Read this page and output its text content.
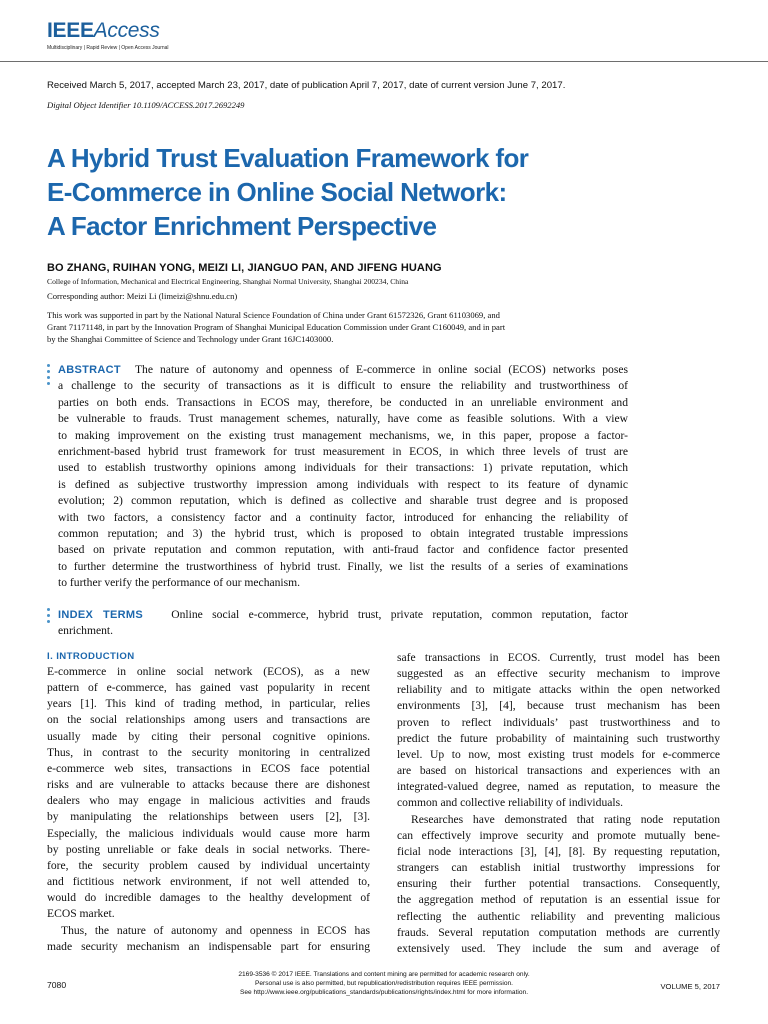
IEEEAccess
Multidisciplinary | Rapid Review | Open Access Journal
Received March 5, 2017, accepted March 23, 2017, date of publication April 7, 2017, date of current version June 7, 2017.
Digital Object Identifier 10.1109/ACCESS.2017.2692249
A Hybrid Trust Evaluation Framework for
E-Commerce in Online Social Network:
A Factor Enrichment Perspective
BO ZHANG, RUIHAN YONG, MEIZI LI, JIANGUO PAN, AND JIFENG HUANG
College of Information, Mechanical and Electrical Engineering, Shanghai Normal University, Shanghai 200234, China
Corresponding author: Meizi Li (limeizi@shnu.edu.cn)
This work was supported in part by the National Natural Science Foundation of China under Grant 61572326, Grant 61103069, and
Grant 71171148, in part by the Innovation Program of Shanghai Municipal Education Commission under Grant C160049, and in part
by the Shanghai Committee of Science and Technology under Grant 16JC1403000.
ABSTRACT The nature of autonomy and openness of E-commerce in online social (ECOS) networks poses
a challenge to the security of transactions as it is difficult to ensure the reliability and trustworthiness of
parties on both ends. Transactions in ECOS may, therefore, be conducted in an unreliable environment and
be vulnerable to frauds. Trust management schemes, naturally, have come as feasible solutions. With a view
to making improvement on the existing trust management mechanisms, we, in this paper, propose a factor-
enrichment-based hybrid trust framework for trust measurement in ECOS, in which three levels of trust are
used to establish trustworthy opinions among individuals for their transactions: 1) private reputation, which
is defined as subjective trustworthy impression among individuals with respect to its feature of dynamic
evolution; 2) common reputation, which is defined as collective and sharable trust degree and is proposed
with two factors, a consistency factor and a continuity factor, introduced for enhancing the reliability of
common reputation; and 3) the hybrid trust, which is proposed to obtain integrated trustable impressions
based on private reputation and common reputation, with anti-fraud factor and confidence factor presented
to further determine the trustworthiness of hybrid trust. Finally, we list the results of a series of examinations
to further verify the performance of our mechanism.
INDEX TERMS Online social e-commerce, hybrid trust, private reputation, common reputation, factor
enrichment.
I. INTRODUCTION
E-commerce in online social network (ECOS), as a new
pattern of e-commerce, has gained vast popularity in recent
years [1]. This kind of trading method, in particular, relies
on the social relationships among users and transactions are
usually made by citing their personal cognitive opinions.
Thus, in contrast to the security monitoring in centralized
e-commerce web sites, transactions in ECOS face potential
risks and are vulnerable to attacks because there are dishonest
dealers who may engage in malicious activities and frauds
by manipulating the relationships between users [2], [3].
Especially, the malicious individuals would cause more harm
by posting unreliable or fake deals in social networks. There-
fore, the security problem caused by individual uncertainty
and fictitious network environment, if not well attended to,
would do incredible damages to the healthy development of
ECOS market.
Thus, the nature of autonomy and openness in ECOS has
made security mechanism an indispensable part for ensuring
safe transactions in ECOS. Currently, trust model has been
suggested as an effective security mechanism to improve
reliability and to mitigate attacks within the open networked
environments [3], [4], because trust mechanism has been
proven to reflect individuals’ past trustworthiness and to
predict the future probability of maintaining such trustworthy
level. Up to now, most existing trust models for e-commerce
are based on historical transactions and experiences with an
integrated-valued degree, named as reputation, to measure the
common and collective reliability of individuals.
Researches have demonstrated that rating node reputation
can effectively improve security and promote mutually bene-
ficial node interactions [3], [4], [8]. By requesting reputation,
strangers can establish initial trustworthy impressions for
ensuring their further potential transactions. Consequently,
the aggregation method of reputation is an essential issue for
reflecting the authentic reliability and preventing malicious
frauds. Several reputation computation methods are currently
extensively used. They include the sum and average of
7080
2169-3536 © 2017 IEEE. Translations and content mining are permitted for academic research only.
Personal use is also permitted, but republication/redistribution requires IEEE permission.
See http://www.ieee.org/publications_standards/publications/rights/index.html for more information.
VOLUME 5, 2017
